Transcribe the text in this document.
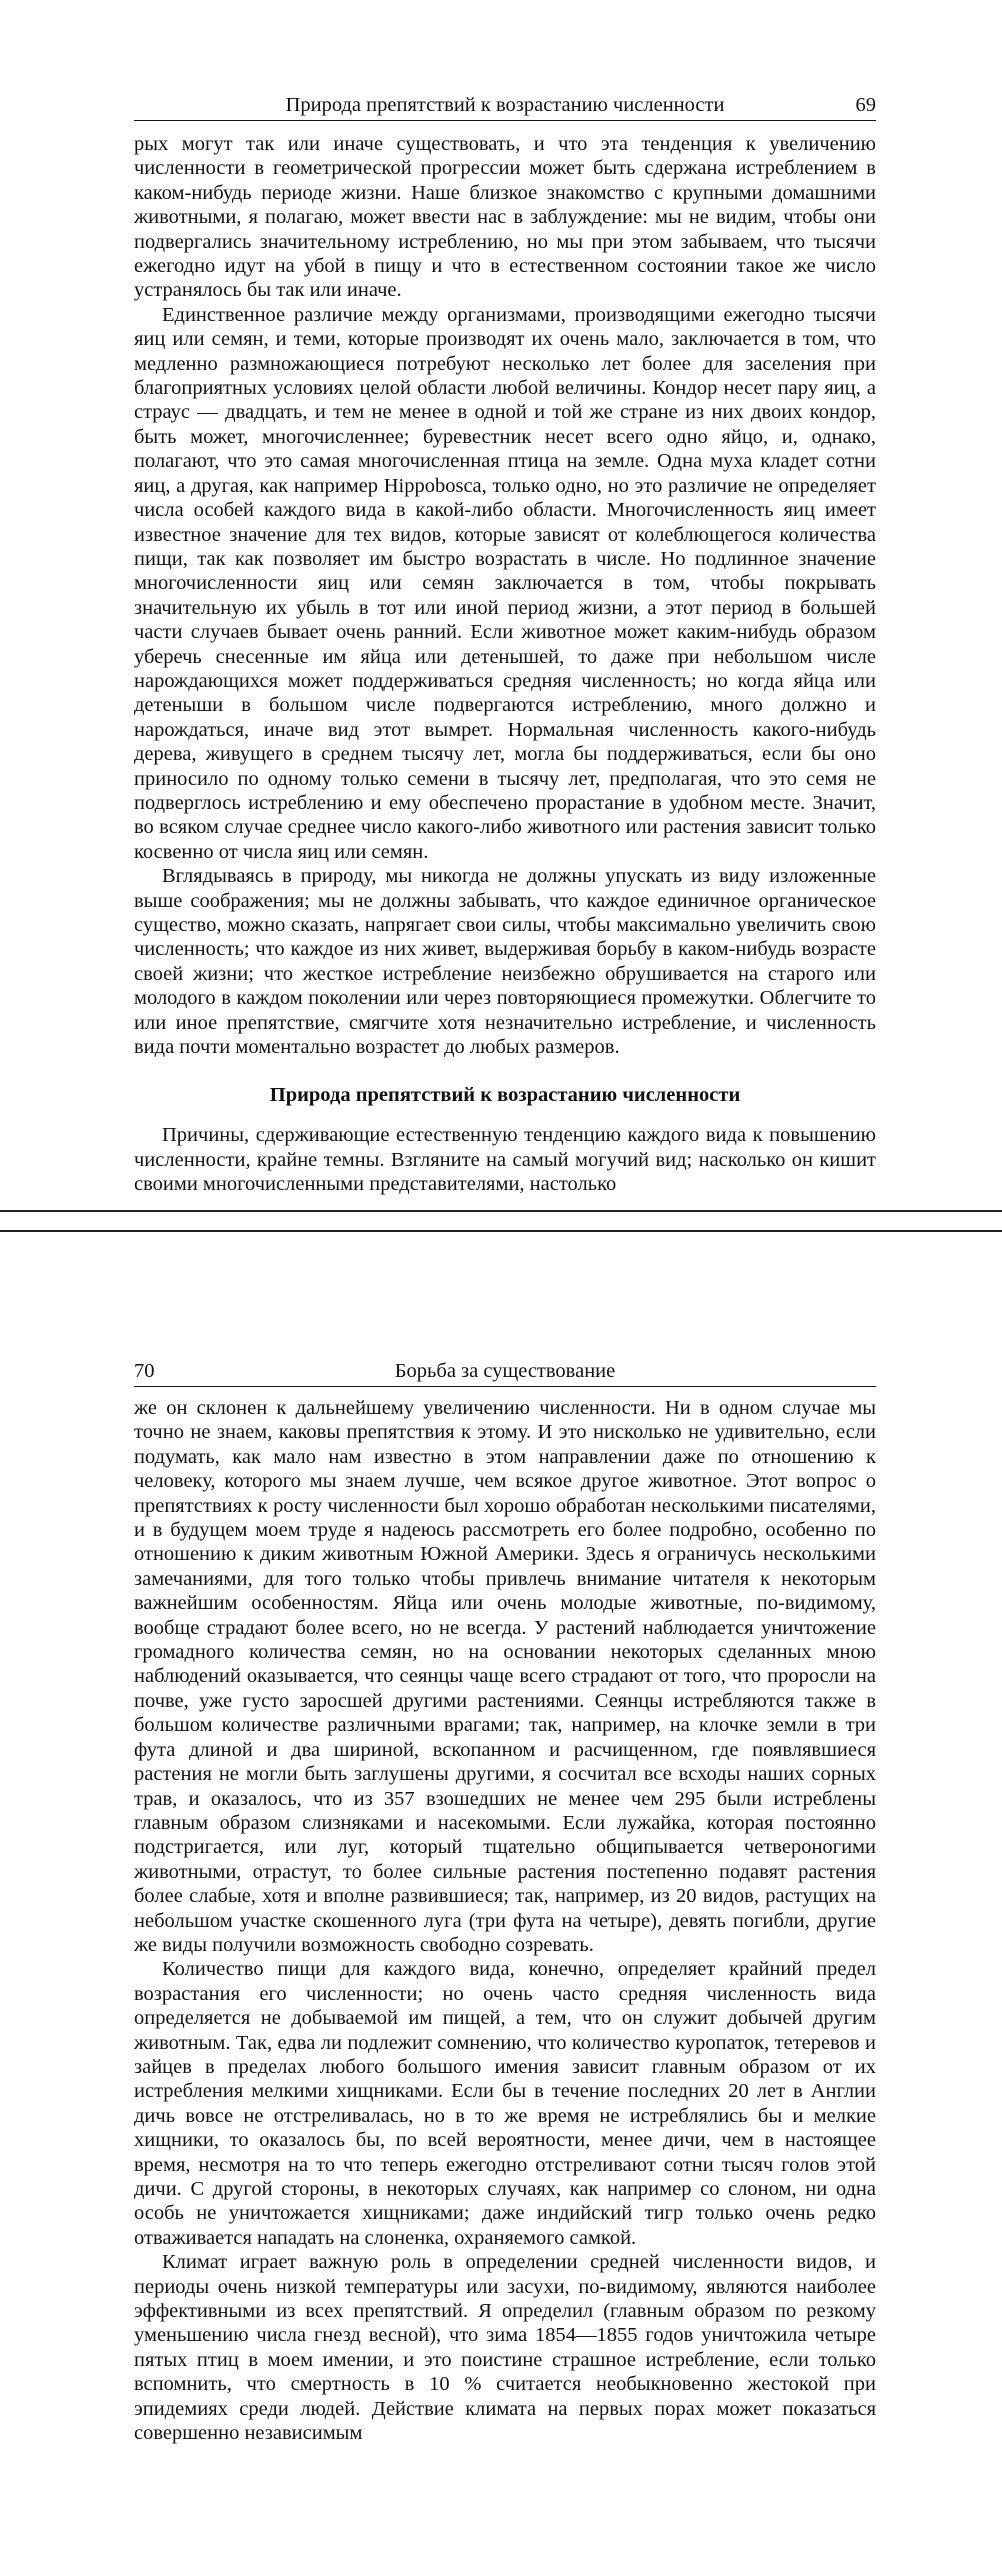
Природа препятствий к возрастанию численности	69

рых могут так или иначе существовать, и что эта тенденция к увеличению численности в геометрической прогрессии может быть сдержана истреблением в каком-нибудь периоде жизни. Наше близкое знакомство с крупными домашними животными, я полагаю, может ввести нас в заблуждение: мы не видим, чтобы они подвергались значительному истреблению, но мы при этом забываем, что тысячи ежегодно идут на убой в пищу и что в естественном состоянии такое же число устранялось бы так или иначе.

Единственное различие между организмами, производящими ежегодно тысячи яиц или семян, и теми, которые производят их очень мало, заключается в том, что медленно размножающиеся потребуют несколько лет более для заселения при благоприятных условиях целой области любой величины. Кондор несет пару яиц, а страус — двадцать, и тем не менее в одной и той же стране из них двоих кондор, быть может, многочисленнее; буревестник несет всего одно яйцо, и, однако, полагают, что это самая многочисленная птица на земле. Одна муха кладет сотни яиц, а другая, как например Hippobosca, только одно, но это различие не определяет числа особей каждого вида в какой-либо области. Многочисленность яиц имеет известное значение для тех видов, которые зависят от колеблющегося количества пищи, так как позволяет им быстро возрастать в числе. Но подлинное значение многочисленности яиц или семян заключается в том, чтобы покрывать значительную их убыль в тот или иной период жизни, а этот период в большей части случаев бывает очень ранний. Если животное может каким-нибудь образом уберечь снесенные им яйца или детенышей, то даже при небольшом числе нарождающихся может поддерживаться средняя численность; но когда яйца или детеныши в большом числе подвергаются истреблению, много должно и нарождаться, иначе вид этот вымрет. Нормальная численность какого-нибудь дерева, живущего в среднем тысячу лет, могла бы поддерживаться, если бы оно приносило по одному только семени в тысячу лет, предполагая, что это семя не подверглось истреблению и ему обеспечено прорастание в удобном месте. Значит, во всяком случае среднее число какого-либо животного или растения зависит только косвенно от числа яиц или семян.

Вглядываясь в природу, мы никогда не должны упускать из виду изложенные выше соображения; мы не должны забывать, что каждое единичное органическое существо, можно сказать, напрягает свои силы, чтобы максимально увеличить свою численность; что каждое из них живет, выдерживая борьбу в каком-нибудь возрасте своей жизни; что жесткое истребление неизбежно обрушивается на старого или молодого в каждом поколении или через повторяющиеся промежутки. Облегчите то или иное препятствие, смягчите хотя незначительно истребление, и численность вида почти моментально возрастет до любых размеров.

Природа препятствий к возрастанию численности

Причины, сдерживающие естественную тенденцию каждого вида к повышению численности, крайне темны. Взгляните на самый могучий вид; насколько он кишит своими многочисленными представителями, настолько

70	Борьба за существование

же он склонен к дальнейшему увеличению численности. Ни в одном случае мы точно не знаем, каковы препятствия к этому. И это нисколько не удивительно, если подумать, как мало нам известно в этом направлении даже по отношению к человеку, которого мы знаем лучше, чем всякое другое животное. Этот вопрос о препятствиях к росту численности был хорошо обработан несколькими писателями, и в будущем моем труде я надеюсь рассмотреть его более подробно, особенно по отношению к диким животным Южной Америки. Здесь я ограничусь несколькими замечаниями, для того только чтобы привлечь внимание читателя к некоторым важнейшим особенностям. Яйца или очень молодые животные, по-видимому, вообще страдают более всего, но не всегда. У растений наблюдается уничтожение громадного количества семян, но на основании некоторых сделанных мною наблюдений оказывается, что сеянцы чаще всего страдают от того, что проросли на почве, уже густо заросшей другими растениями. Сеянцы истребляются также в большом количестве различными врагами; так, например, на клочке земли в три фута длиной и два шириной, вскопанном и расчищенном, где появлявшиеся растения не могли быть заглушены другими, я сосчитал все всходы наших сорных трав, и оказалось, что из 357 взошедших не менее чем 295 были истреблены главным образом слизняками и насекомыми. Если лужайка, которая постоянно подстригается, или луг, который тщательно общипывается четвероногими животными, отрастут, то более сильные растения постепенно подавят растения более слабые, хотя и вполне развившиеся; так, например, из 20 видов, растущих на небольшом участке скошенного луга (три фута на четыре), девять погибли, другие же виды получили возможность свободно созревать.

Количество пищи для каждого вида, конечно, определяет крайний предел возрастания его численности; но очень часто средняя численность вида определяется не добываемой им пищей, а тем, что он служит добычей другим животным. Так, едва ли подлежит сомнению, что количество куропаток, тетеревов и зайцев в пределах любого большого имения зависит главным образом от их истребления мелкими хищниками. Если бы в течение последних 20 лет в Англии дичь вовсе не отстреливалась, но в то же время не истреблялись бы и мелкие хищники, то оказалось бы, по всей вероятности, менее дичи, чем в настоящее время, несмотря на то что теперь ежегодно отстреливают сотни тысяч голов этой дичи. С другой стороны, в некоторых случаях, как например со слоном, ни одна особь не уничтожается хищниками; даже индийский тигр только очень редко отваживается нападать на слоненка, охраняемого самкой.

Климат играет важную роль в определении средней численности видов, и периоды очень низкой температуры или засухи, по-видимому, являются наиболее эффективными из всех препятствий. Я определил (главным образом по резкому уменьшению числа гнезд весной), что зима 1854—1855 годов уничтожила четыре пятых птиц в моем имении, и это поистине страшное истребление, если только вспомнить, что смертность в 10 % считается необыкновенно жестокой при эпидемиях среди людей. Действие климата на первых порах может показаться совершенно независимым
